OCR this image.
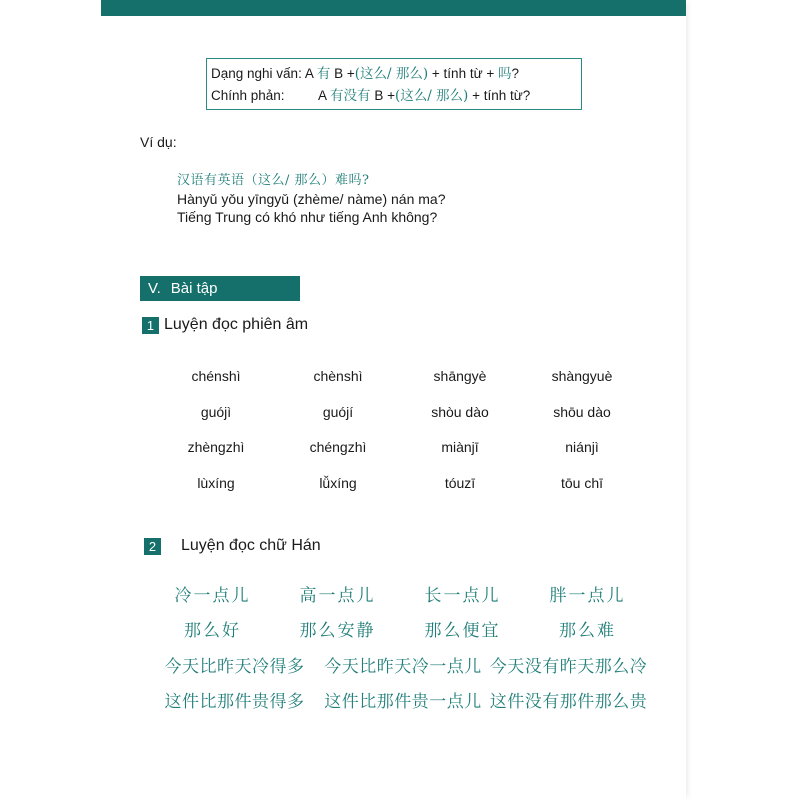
Dạng nghi vấn: A 有 B +(这么/ 那么) + tính từ + 吗?
Chính phản: A 有没有 B +(这么/ 那么) + tính từ?
Ví dụ:
汉语有英语（这么/ 那么）难吗?
Hànyǔ yǒu yīngyǔ (zhème/ nàme) nán ma?
Tiếng Trung có khó như tiếng Anh không?
V. Bài tập
1 Luyện đọc phiên âm
chénshì	chènshì	shāngyè	shàngyuè
guójì	guójí	shòu dào	shōu dào
zhèngzhì	chéngzhì	miànjī	niánjì
lùxíng	lǚxíng	tóuzī	tōu chī
2 Luyện đọc chữ Hán
冷一点儿	高一点儿	长一点儿	胖一点儿
那么好	那么安静	那么便宜	那么难
今天比昨天冷得多	今天比昨天冷一点儿 今天没有昨天那么冷
这件比那件贵得多	这件比那件贵一点儿 这件没有那件那么贵
